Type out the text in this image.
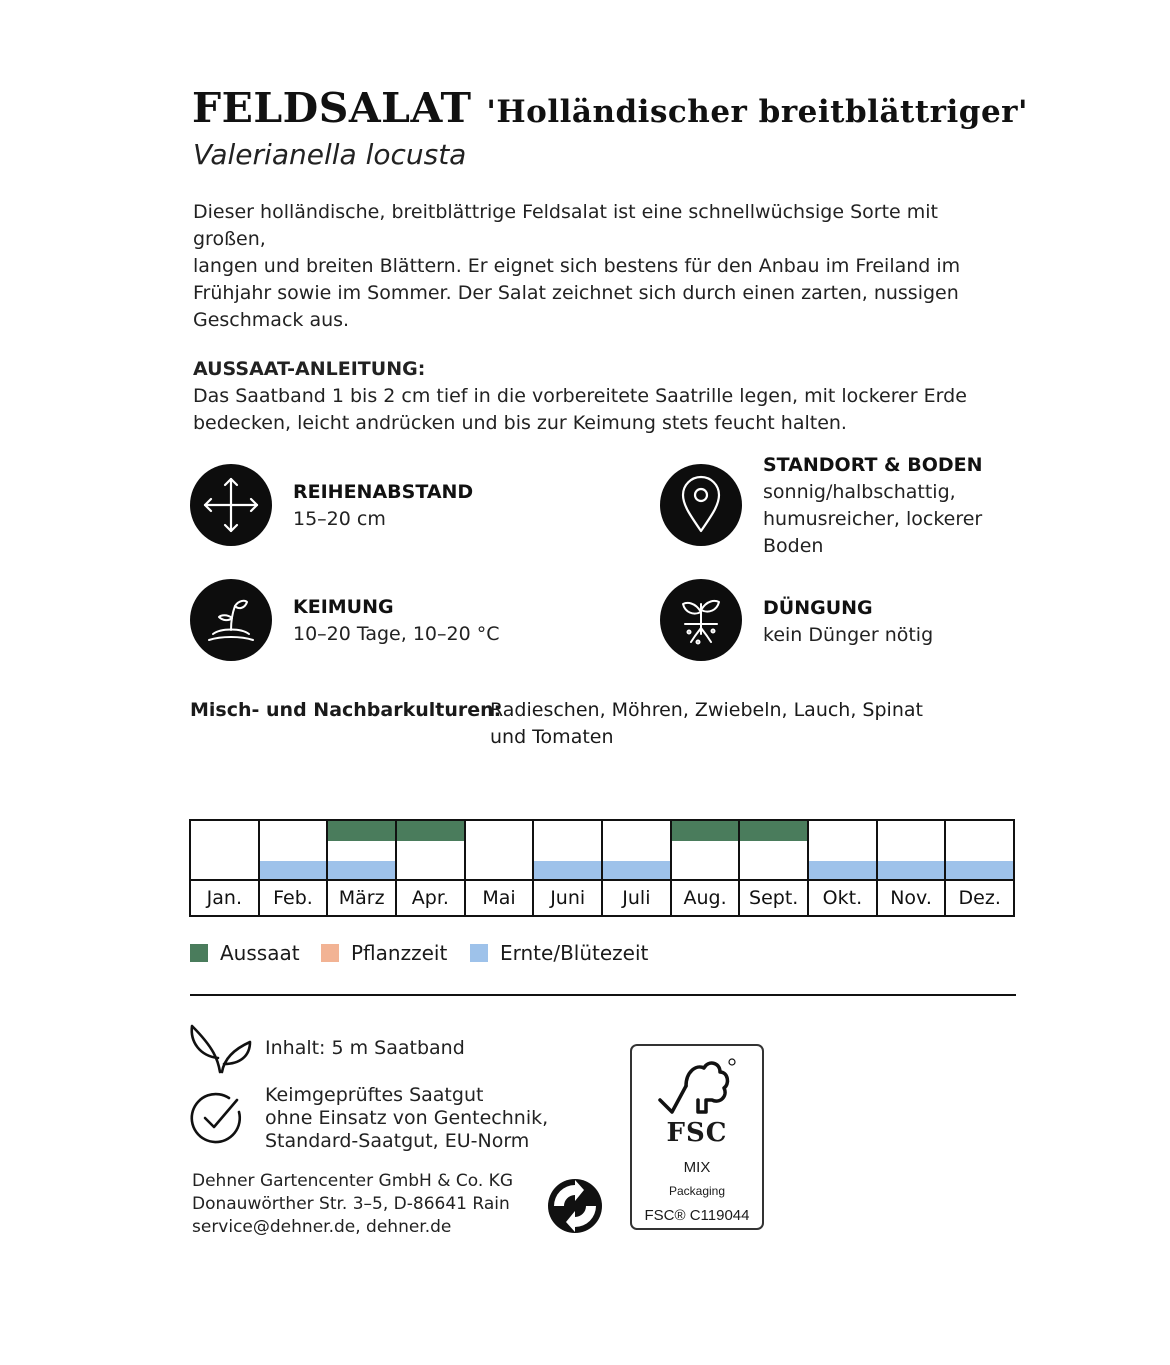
FELDSALAT 'Holländischer breitblättriger'
Valerianella locusta
Dieser holländische, breitblättrige Feldsalat ist eine schnellwüchsige Sorte mit großen,
langen und breiten Blättern. Er eignet sich bestens für den Anbau im Freiland im
Frühjahr sowie im Sommer. Der Salat zeichnet sich durch einen zarten, nussigen
Geschmack aus.
AUSSAAT-ANLEITUNG:
Das Saatband 1 bis 2 cm tief in die vorbereitete Saatrille legen, mit lockerer Erde
bedecken, leicht andrücken und bis zur Keimung stets feucht halten.
REIHENABSTAND
15–20 cm
STANDORT & BODEN
sonnig/halbschattig,
humusreicher, lockerer
Boden
KEIMUNG
10–20 Tage, 10–20 °C
DÜNGUNG
kein Dünger nötig
Misch- und Nachbarkulturen:
Radieschen, Möhren, Zwiebeln, Lauch, Spinat
und Tomaten
Jan.	Feb.	März	Apr.	Mai	Juni	Juli	Aug.	Sept.	Okt.	Nov.	Dez.
Aussaat	Pflanzzeit	Ernte/Blütezeit
Inhalt: 5 m Saatband
Keimgeprüftes Saatgut
ohne Einsatz von Gentechnik,
Standard-Saatgut, EU-Norm
Dehner Gartencenter GmbH & Co. KG
Donauwörther Str. 3–5, D-86641 Rain
service@dehner.de, dehner.de
FSC
MIX
Packaging
FSC® C119044
